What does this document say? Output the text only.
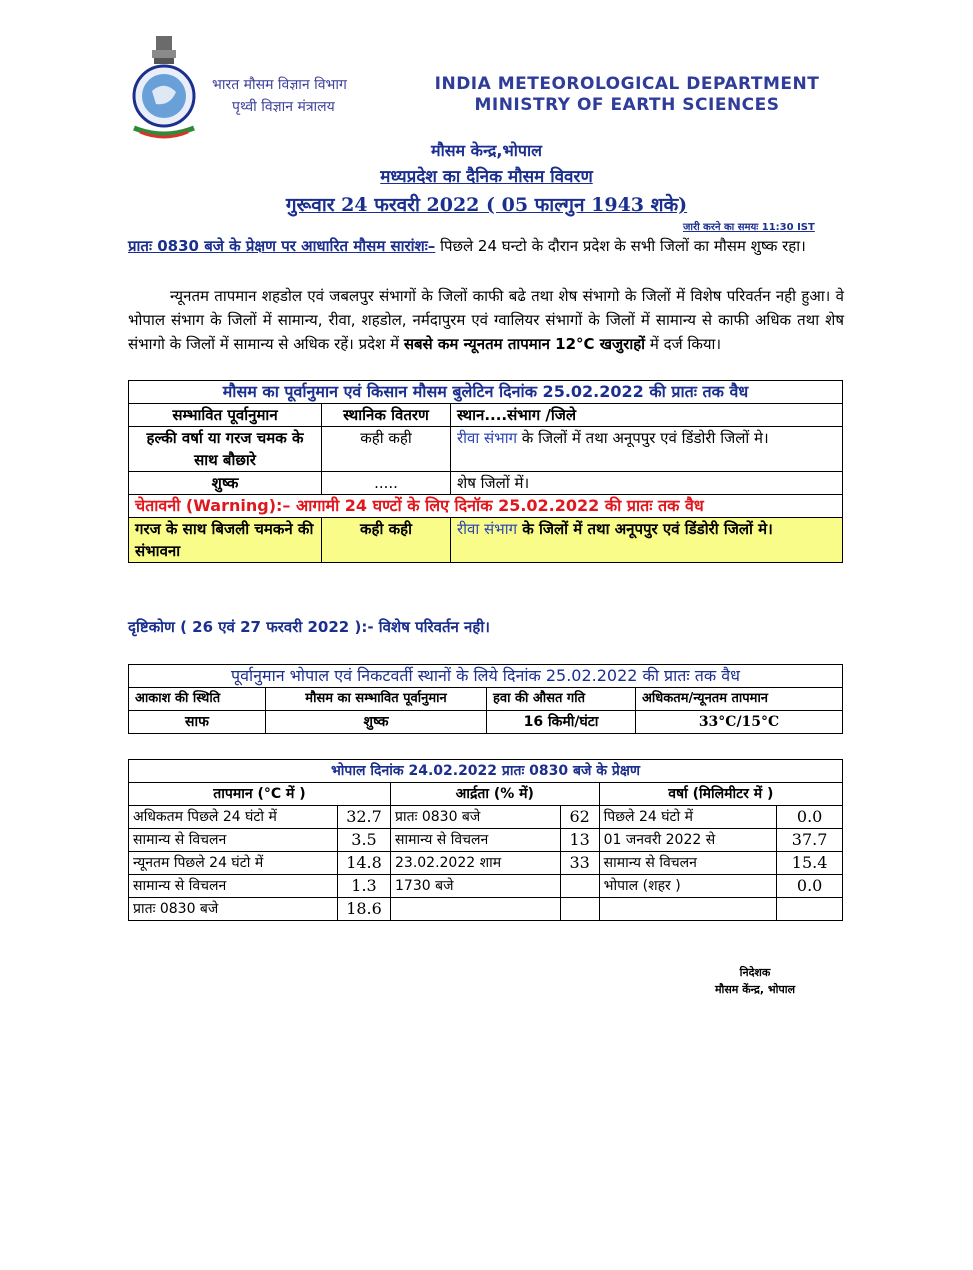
भारत मौसम विज्ञान विभाग
पृथ्वी विज्ञान मंत्रालय
INDIA METEOROLOGICAL DEPARTMENT
MINISTRY OF EARTH SCIENCES
मौसम केन्द्र,भोपाल
मध्यप्रदेश का दैनिक मौसम विवरण
गुरूवार 24 फरवरी 2022 ( 05 फाल्गुन 1943 शके)
जारी करने का समयः 11:30 IST
प्रातः 0830 बजे के प्रेक्षण पर आधारित मौसम सारांशः– पिछले 24 घन्टो के दौरान प्रदेश के सभी जिलों का मौसम शुष्क रहा।
न्यूनतम तापमान शहडोल एवं जबलपुर संभागों के जिलों काफी बढे तथा शेष संभागो के जिलों में विशेष परिवर्तन नही हुआ। वे भोपाल संभाग के जिलों में सामान्य, रीवा, शहडोल, नर्मदापुरम एवं ग्वालियर संभागों के जिलों में सामान्य से काफी अधिक तथा शेष संभागो के जिलों में सामान्य से अधिक रहें। प्रदेश में सबसे कम न्यूनतम तापमान 12°C खजुराहों में दर्ज किया।
मौसम का पूर्वानुमान एवं किसान मौसम बुलेटिन दिनांक 25.02.2022 की प्रातः तक वैध		
सम्भावित पूर्वानुमान	स्थानिक वितरण	स्थान....संभाग /जिले
हल्की वर्षा या गरज चमक के साथ बौछारे	कही कही	रीवा संभाग के जिलों में तथा अनूपपुर एवं डिंडोरी जिलों मे।
शुष्क	.....	शेष जिलों में।
चेतावनी (Warning):– आगामी 24 घण्टों के लिए दिनॉक 25.02.2022 की प्रातः तक वैध		
गरज के साथ बिजली चमकने की संभावना	कही कही	रीवा संभाग के जिलों में तथा अनूपपुर एवं डिंडोरी जिलों मे।
दृष्टिकोण ( 26 एवं 27 फरवरी 2022 ):- विशेष परिवर्तन नही।
पूर्वानुमान भोपाल एवं निकटवर्ती स्थानों के लिये दिनांक 25.02.2022 की प्रातः तक वैध			
आकाश की स्थिति	मौसम का सम्भावित पूर्वानुमान	हवा की औसत गति	अधिकतम/न्यूनतम तापमान
साफ	शुष्क	16 किमी/घंटा	33°C/15°C
भोपाल दिनांक 24.02.2022 प्रातः 0830 बजे के प्रेक्षण					
तापमान (°C में )		आर्द्रता (% में)		वर्षा (मिलिमीटर में )	
अधिकतम पिछले 24 घंटो में	32.7	प्रातः 0830 बजे	62	पिछले 24 घंटो में	0.0
सामान्य से विचलन	3.5	सामान्य से विचलन	13	01 जनवरी 2022 से	37.7
न्यूनतम पिछले 24 घंटो में	14.8	23.02.2022 शाम	33	सामान्य से विचलन	15.4
सामान्य से विचलन	1.3	1730 बजे		भोपाल (शहर )	0.0
प्रातः 0830 बजे	18.6				
निदेशक
मौसम केंन्द्र, भोपाल
